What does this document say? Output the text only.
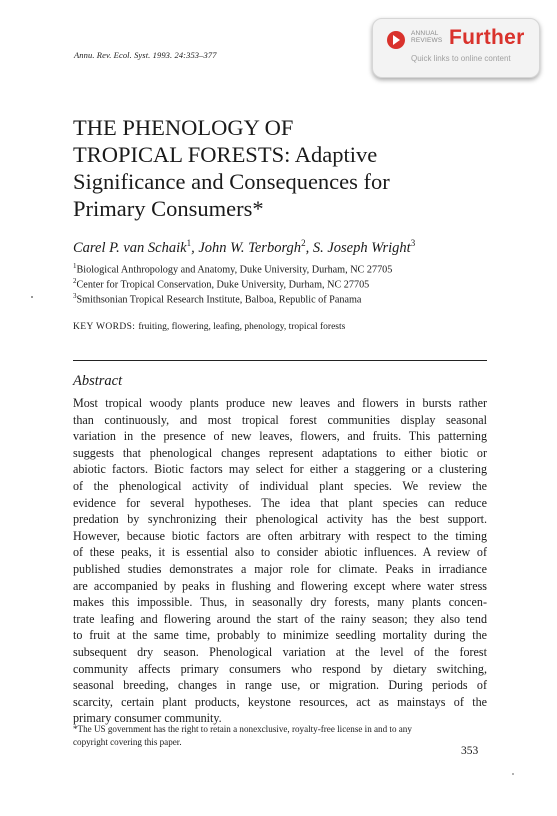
Annu. Rev. Ecol. Syst. 1993. 24:353–377
ANNUAL
REVIEWS Further
Quick links to online content
THE PHENOLOGY OF
TROPICAL FORESTS: Adaptive
Significance and Consequences for
Primary Consumers*
Carel P. van Schaik$^1$, John W. Terborgh$^2$, S. Joseph Wright$^3$
$^1$Biological Anthropology and Anatomy, Duke University, Durham, NC 27705
$^2$Center for Tropical Conservation, Duke University, Durham, NC 27705
$^3$Smithsonian Tropical Research Institute, Balboa, Republic of Panama
KEY WORDS: fruiting, flowering, leafing, phenology, tropical forests
Abstract
Most tropical woody plants produce new leaves and flowers in bursts rather
than continuously, and most tropical forest communities display seasonal
variation in the presence of new leaves, flowers, and fruits. This patterning
suggests that phenological changes represent adaptations to either biotic or
abiotic factors. Biotic factors may select for either a staggering or a clustering
of the phenological activity of individual plant species. We review the
evidence for several hypotheses. The idea that plant species can reduce
predation by synchronizing their phenological activity has the best support.
However, because biotic factors are often arbitrary with respect to the timing
of these peaks, it is essential also to consider abiotic influences. A review of
published studies demonstrates a major role for climate. Peaks in irradiance
are accompanied by peaks in flushing and flowering except where water stress
makes this impossible. Thus, in seasonally dry forests, many plants concen-
trate leafing and flowering around the start of the rainy season; they also tend
to fruit at the same time, probably to minimize seedling mortality during the
subsequent dry season. Phenological variation at the level of the forest
community affects primary consumers who respond by dietary switching,
seasonal breeding, changes in range use, or migration. During periods of
scarcity, certain plant products, keystone resources, act as mainstays of the
primary consumer community.
*The US government has the right to retain a nonexclusive, royalty-free license in and to any
copyright covering this paper.
353
